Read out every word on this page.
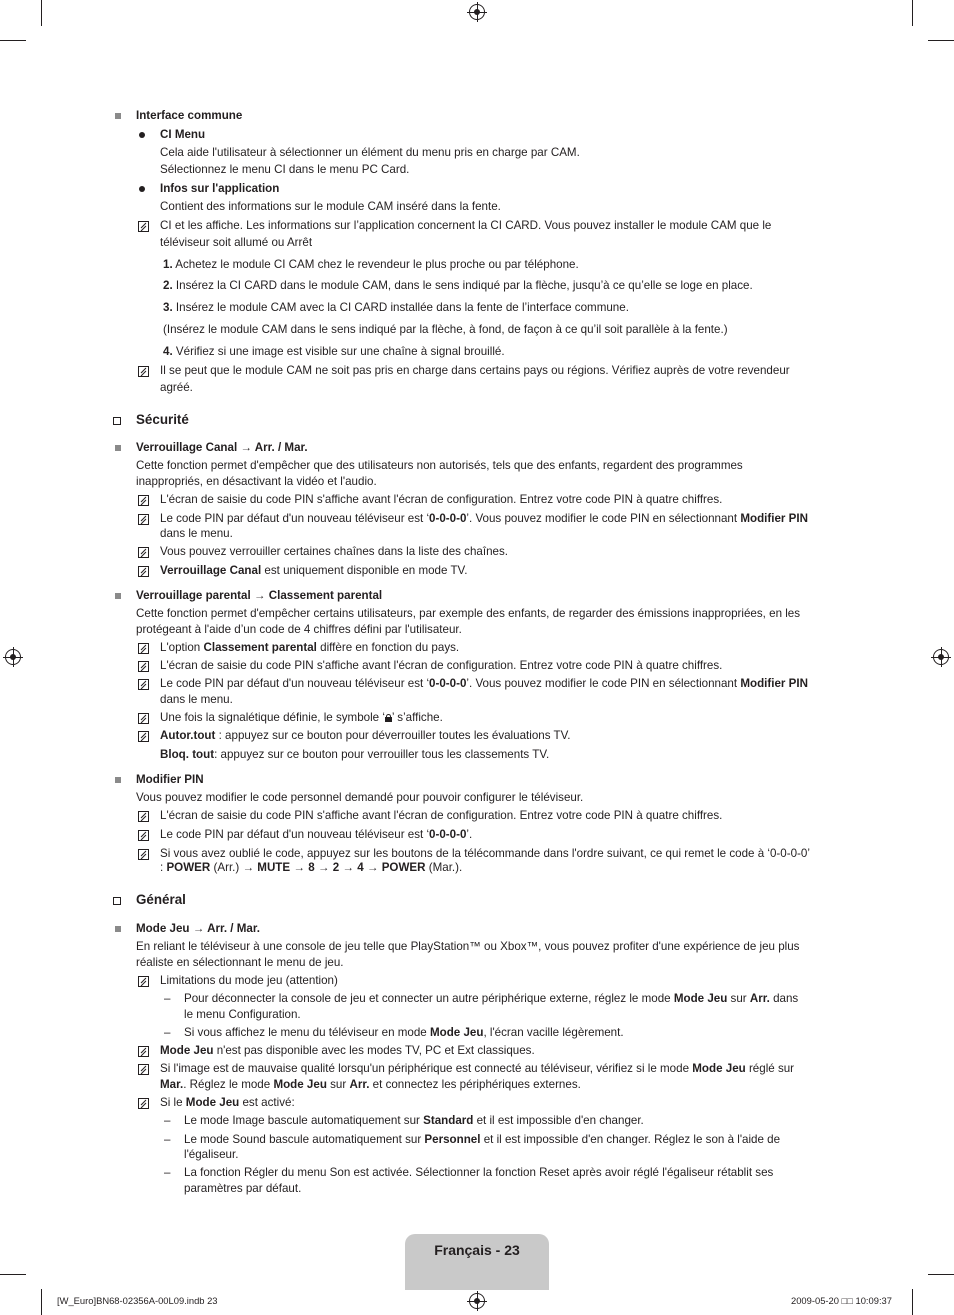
Interface commune
CI Menu
Cela aide l'utilisateur à sélectionner un élément du menu pris en charge par CAM.
Sélectionnez le menu CI dans le menu PC Card.
Infos sur l'application
Contient des informations sur le module CAM inséré dans la fente.
CI et les affiche. Les informations sur l’application concernent la CI CARD. Vous pouvez installer le module CAM que le
téléviseur soit allumé ou Arrêt
1. Achetez le module CI CAM chez le revendeur le plus proche ou par téléphone.
2. Insérez la CI CARD dans le module CAM, dans le sens indiqué par la flèche, jusqu’à ce qu’elle se loge en place.
3. Insérez le module CAM avec la CI CARD installée dans la fente de l’interface commune.
(Insérez le module CAM dans le sens indiqué par la flèche, à fond, de façon à ce qu’il soit parallèle à la fente.)
4. Vérifiez si une image est visible sur une chaîne à signal brouillé.
Il se peut que le module CAM ne soit pas pris en charge dans certains pays ou régions. Vérifiez auprès de votre revendeur
agréé.
Sécurité
Verrouillage Canal → Arr. / Mar.
Cette fonction permet d'empêcher que des utilisateurs non autorisés, tels que des enfants, regardent des programmes
inappropriés, en désactivant la vidéo et l'audio.
L'écran de saisie du code PIN s'affiche avant l'écran de configuration. Entrez votre code PIN à quatre chiffres.
Le code PIN par défaut d'un nouveau téléviseur est ‘0-0-0-0’. Vous pouvez modifier le code PIN en sélectionnant Modifier PIN
dans le menu.
Vous pouvez verrouiller certaines chaînes dans la liste des chaînes.
Verrouillage Canal est uniquement disponible en mode TV.
Verrouillage parental → Classement parental
Cette fonction permet d'empêcher certains utilisateurs, par exemple des enfants, de regarder des émissions inappropriées, en les
protégeant à l'aide d’un code de 4 chiffres défini par l'utilisateur.
L'option Classement parental diffère en fonction du pays.
L'écran de saisie du code PIN s'affiche avant l'écran de configuration. Entrez votre code PIN à quatre chiffres.
Le code PIN par défaut d'un nouveau téléviseur est ‘0-0-0-0’. Vous pouvez modifier le code PIN en sélectionnant Modifier PIN
dans le menu.
Une fois la signalétique définie, le symbole ‘ ’ s’affiche.
Autor.tout : appuyez sur ce bouton pour déverrouiller toutes les évaluations TV.
Bloq. tout: appuyez sur ce bouton pour verrouiller tous les classements TV.
Modifier PIN
Vous pouvez modifier le code personnel demandé pour pouvoir configurer le téléviseur.
L'écran de saisie du code PIN s'affiche avant l'écran de configuration. Entrez votre code PIN à quatre chiffres.
Le code PIN par défaut d'un nouveau téléviseur est ‘0-0-0-0’.
Si vous avez oublié le code, appuyez sur les boutons de la télécommande dans l'ordre suivant, ce qui remet le code à ‘0-0-0-0’
: POWER (Arr.) → MUTE → 8 → 2 → 4 → POWER (Mar.).
Général
Mode Jeu → Arr. / Mar.
En reliant le téléviseur à une console de jeu telle que PlayStation™ ou Xbox™, vous pouvez profiter d'une expérience de jeu plus
réaliste en sélectionnant le menu de jeu.
Limitations du mode jeu (attention)
– Pour déconnecter la console de jeu et connecter un autre périphérique externe, réglez le mode Mode Jeu sur Arr. dans
le menu Configuration.
– Si vous affichez le menu du téléviseur en mode Mode Jeu, l'écran vacille légèrement.
Mode Jeu n'est pas disponible avec les modes TV, PC et Ext classiques.
Si l'image est de mauvaise qualité lorsqu'un périphérique est connecté au téléviseur, vérifiez si le mode Mode Jeu réglé sur
Mar.. Réglez le mode Mode Jeu sur Arr. et connectez les périphériques externes.
Si le Mode Jeu est activé:
– Le mode Image bascule automatiquement sur Standard et il est impossible d'en changer.
– Le mode Sound bascule automatiquement sur Personnel et il est impossible d'en changer. Réglez le son à l'aide de
l'égaliseur.
– La fonction Régler du menu Son est activée. Sélectionner la fonction Reset après avoir réglé l'égaliseur rétablit ses
paramètres par défaut.
Français - 23
[W_Euro]BN68-02356A-00L09.indb 23	2009-05-20 □□ 10:09:37
